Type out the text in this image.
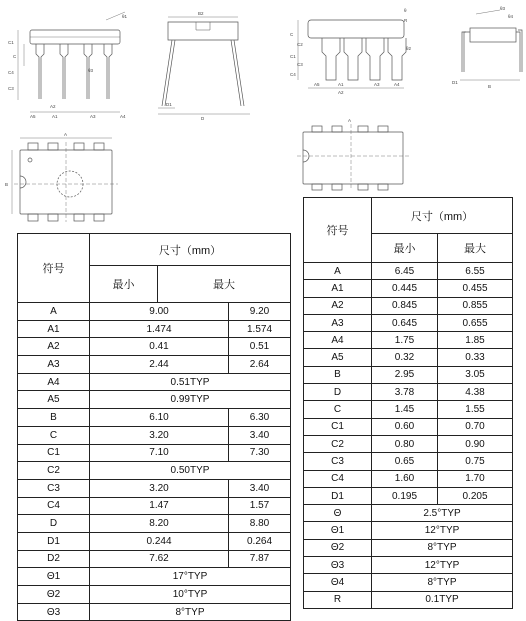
C1
C
C4
C3
θ3
A2
A1	A3	A4
A5
θ1
B2
D1
D
A
B
θ
R
C
C2
C1
C3
C4
A1
A2
A3	A4
A5
θ2
θ3
θ4
D1
B
A
符号	尺寸（mm）		
	最小	最大	
A	9.00		9.20
A1	1.474		1.574
A2	0.41		0.51
A3	2.44		2.64
A4	0.51TYP		
A5	0.99TYP		
B	6.10		6.30
C	3.20		3.40
C1	7.10		7.30
C2	0.50TYP		
C3	3.20		3.40
C4	1.47		1.57
D	8.20		8.80
D1	0.244		0.264
D2	7.62		7.87
Θ1	17°TYP		
Θ2	10°TYP		
Θ3	8°TYP		
符号	尺寸（mm）	
	最小	最大
A	6.45	6.55
A1	0.445	0.455
A2	0.845	0.855
A3	0.645	0.655
A4	1.75	1.85
A5	0.32	0.33
B	2.95	3.05
D	3.78	4.38
C	1.45	1.55
C1	0.60	0.70
C2	0.80	0.90
C3	0.65	0.75
C4	1.60	1.70
D1	0.195	0.205
Θ	2.5°TYP	
Θ1	12°TYP	
Θ2	8°TYP	
Θ3	12°TYP	
Θ4	8°TYP	
R	0.1TYP	
